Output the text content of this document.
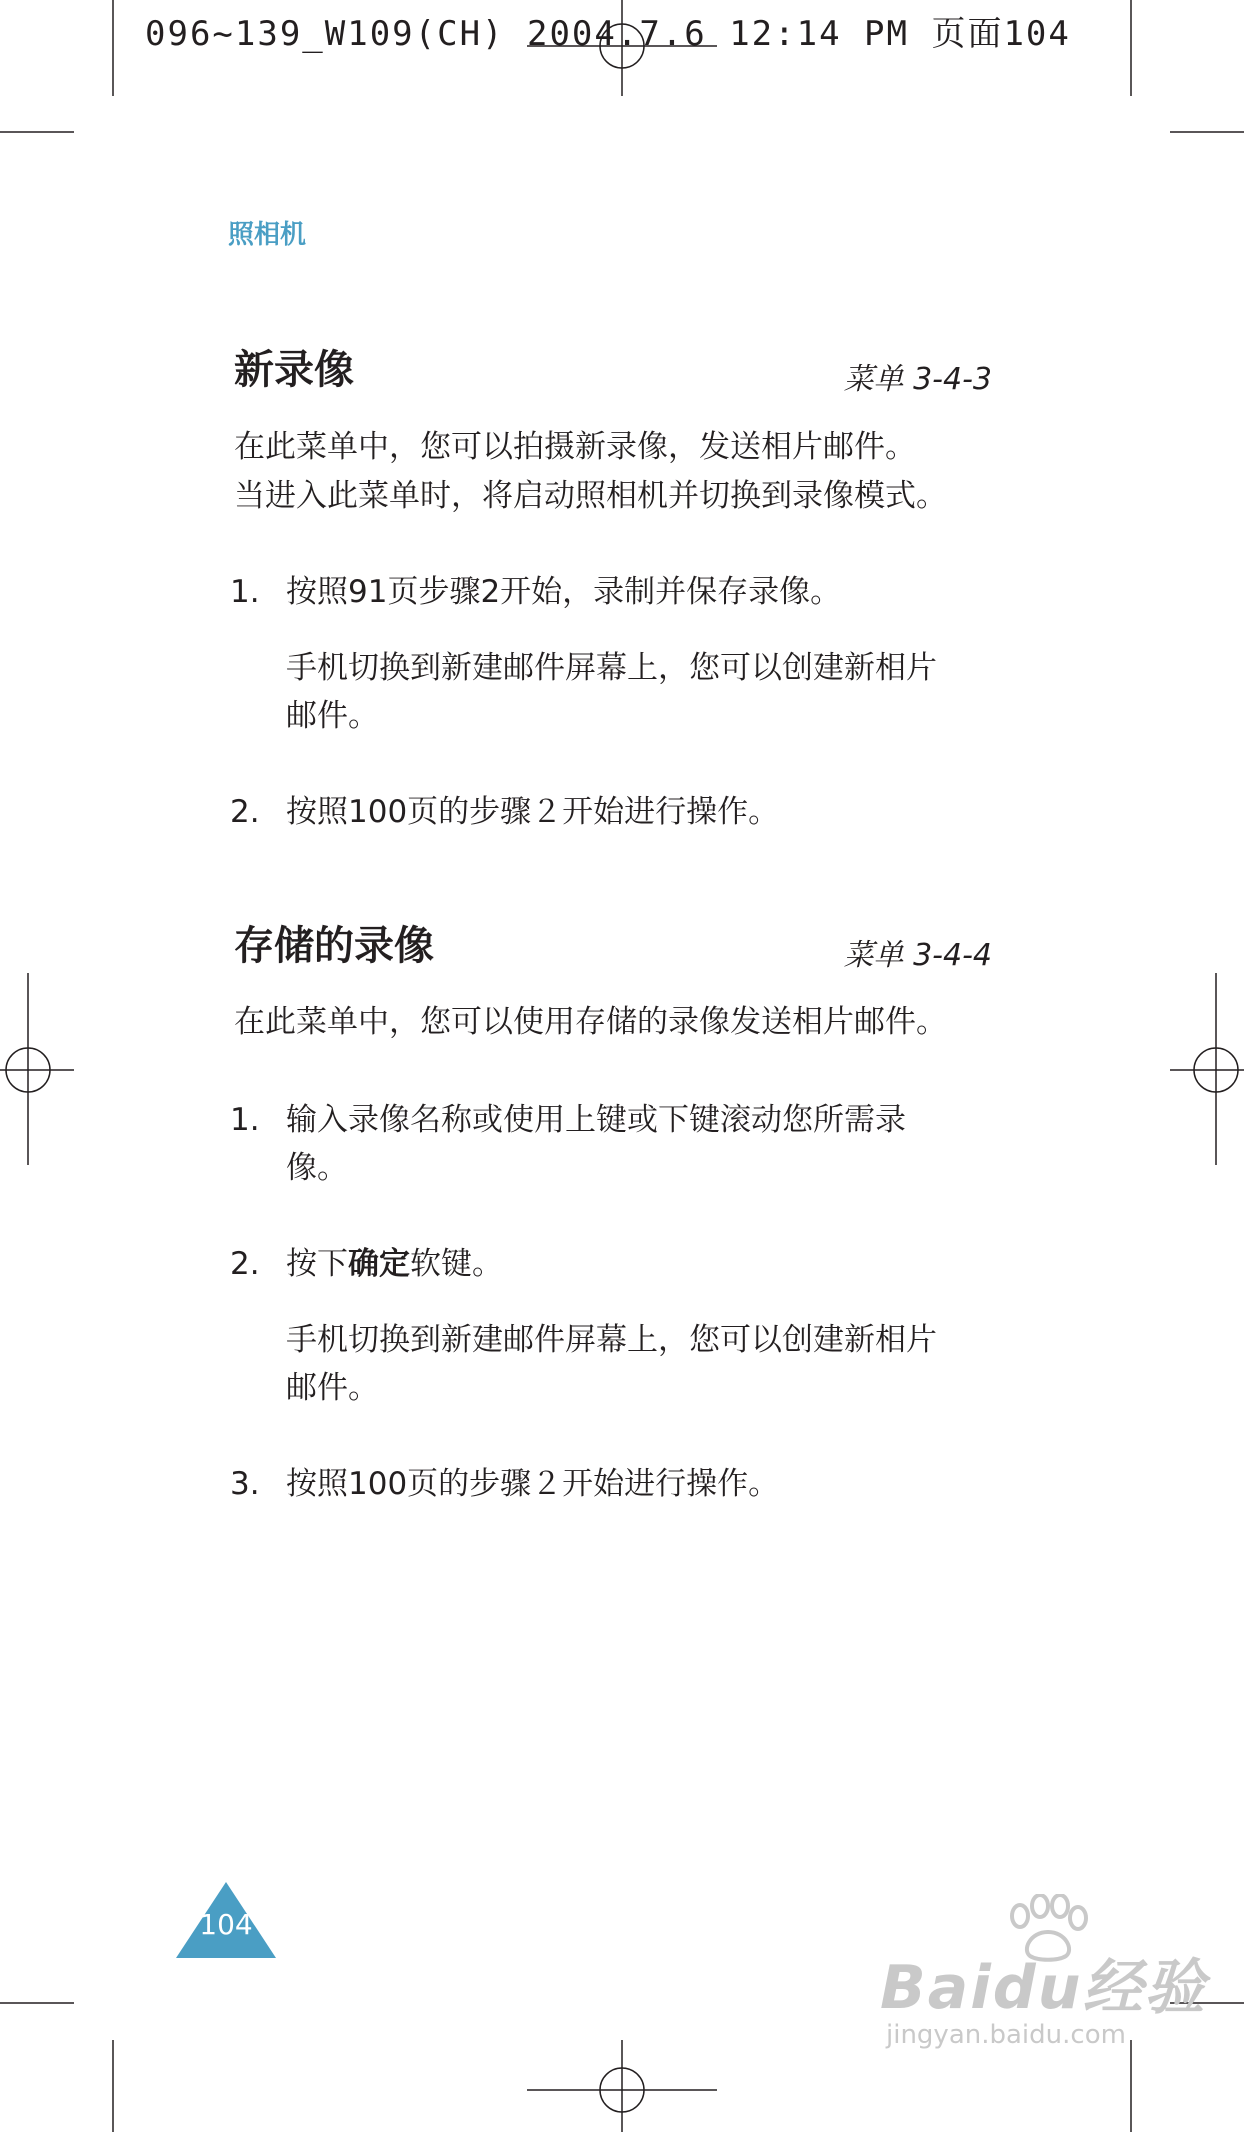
096~139_W109(CH) 2004.7.6 12:14 PM 页面104
照相机
新录像	菜单 3-4-3
在此菜单中，您可以拍摄新录像，发送相片邮件。
当进入此菜单时，将启动照相机并切换到录像模式。
1. 按照91页步骤2开始，录制并保存录像。
手机切换到新建邮件屏幕上，您可以创建新相片
邮件。
2. 按照100页的步骤２开始进行操作。
存储的录像	菜单 3-4-4
在此菜单中，您可以使用存储的录像发送相片邮件。
1. 输入录像名称或使用上键或下键滚动您所需录
像。
2. 按下确定软键。
手机切换到新建邮件屏幕上，您可以创建新相片
邮件。
3. 按照100页的步骤２开始进行操作。
104
Baidu经验
jingyan.baidu.com
